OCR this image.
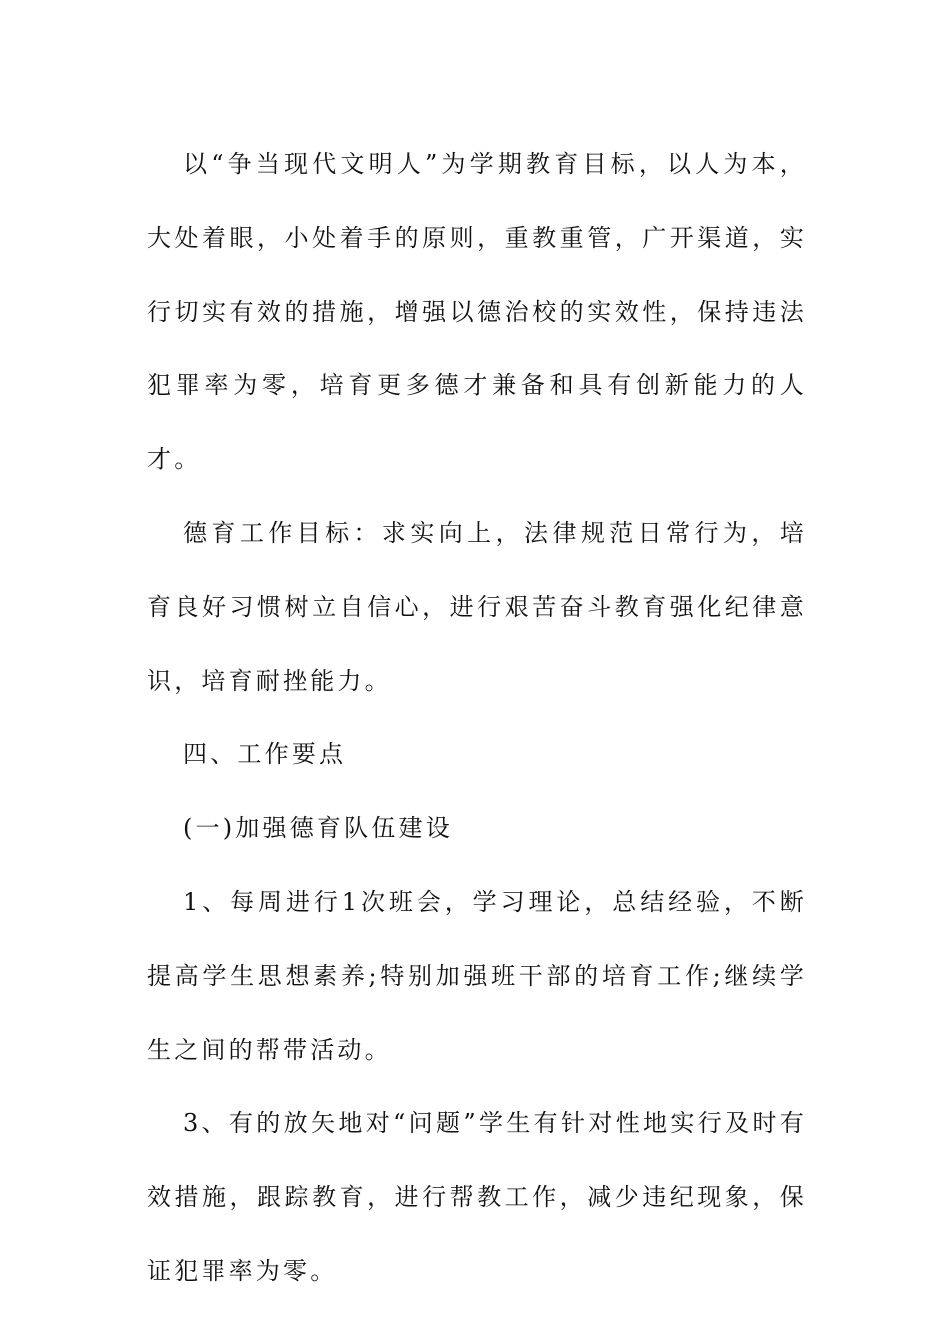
以“争当现代文明人”为学期教育目标，以人为本，大处着眼，小处着手的原则，重教重管，广开渠道，实行切实有效的措施，增强以德治校的实效性，保持违法犯罪率为零，培育更多德才兼备和具有创新能力的人才。

德育工作目标：求实向上，法律规范日常行为，培育良好习惯树立自信心，进行艰苦奋斗教育强化纪律意识，培育耐挫能力。

四、工作要点

(一)加强德育队伍建设

1、每周进行1次班会，学习理论，总结经验，不断提高学生思想素养;特别加强班干部的培育工作;继续学生之间的帮带活动。

3、有的放矢地对“问题”学生有针对性地实行及时有效措施，跟踪教育，进行帮教工作，减少违纪现象，保证犯罪率为零。
